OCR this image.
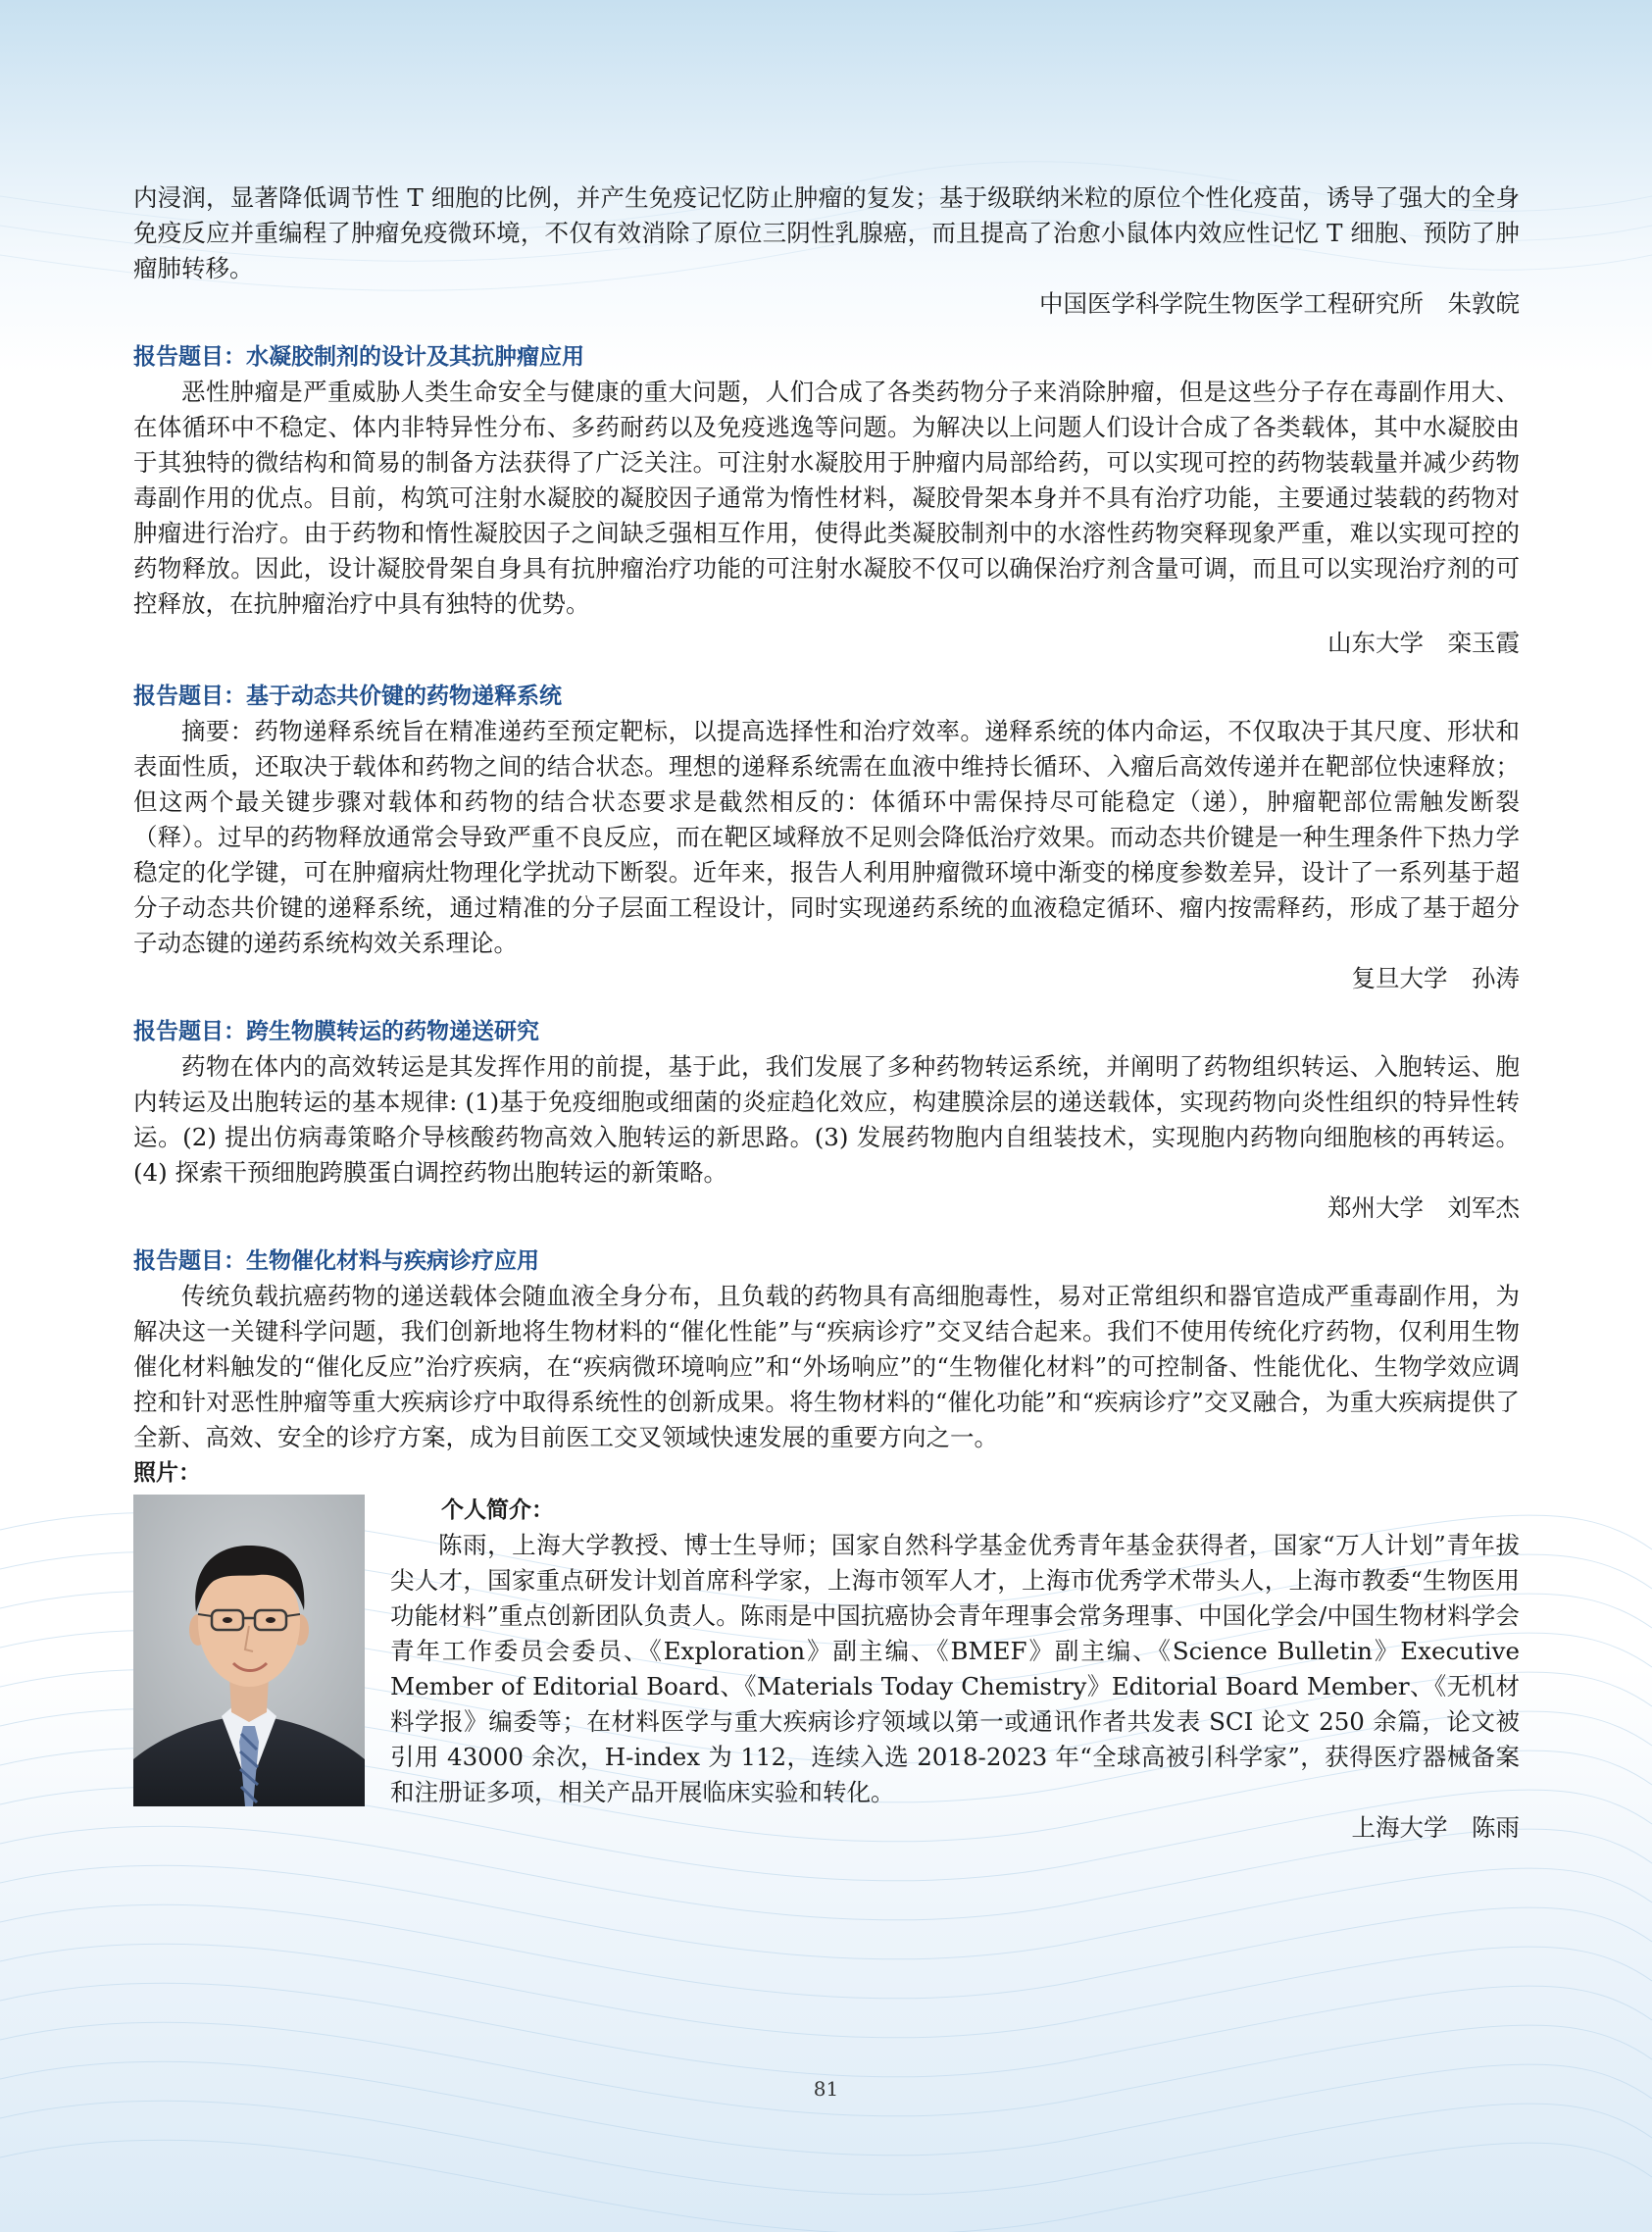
内浸润，显著降低调节性 T 细胞的比例，并产生免疫记忆防止肿瘤的复发；基于级联纳米粒的原位个性化疫苗，诱导了强大的全身免疫反应并重编程了肿瘤免疫微环境，不仅有效消除了原位三阴性乳腺癌，而且提高了治愈小鼠体内效应性记忆 T 细胞、预防了肿瘤肺转移。

中国医学科学院生物医学工程研究所　朱敦皖
报告题目：水凝胶制剂的设计及其抗肿瘤应用

恶性肿瘤是严重威胁人类生命安全与健康的重大问题，人们合成了各类药物分子来消除肿瘤，但是这些分子存在毒副作用大、在体循环中不稳定、体内非特异性分布、多药耐药以及免疫逃逸等问题。为解决以上问题人们设计合成了各类载体，其中水凝胶由于其独特的微结构和简易的制备方法获得了广泛关注。可注射水凝胶用于肿瘤内局部给药，可以实现可控的药物装载量并减少药物毒副作用的优点。目前，构筑可注射水凝胶的凝胶因子通常为惰性材料，凝胶骨架本身并不具有治疗功能，主要通过装载的药物对肿瘤进行治疗。由于药物和惰性凝胶因子之间缺乏强相互作用，使得此类凝胶制剂中的水溶性药物突释现象严重，难以实现可控的药物释放。因此，设计凝胶骨架自身具有抗肿瘤治疗功能的可注射水凝胶不仅可以确保治疗剂含量可调，而且可以实现治疗剂的可控释放，在抗肿瘤治疗中具有独特的优势。

山东大学　栾玉霞
报告题目：基于动态共价键的药物递释系统

摘要：药物递释系统旨在精准递药至预定靶标，以提高选择性和治疗效率。递释系统的体内命运，不仅取决于其尺度、形状和表面性质，还取决于载体和药物之间的结合状态。理想的递释系统需在血液中维持长循环、入瘤后高效传递并在靶部位快速释放；但这两个最关键步骤对载体和药物的结合状态要求是截然相反的：体循环中需保持尽可能稳定（递），肿瘤靶部位需触发断裂（释）。过早的药物释放通常会导致严重不良反应，而在靶区域释放不足则会降低治疗效果。而动态共价键是一种生理条件下热力学稳定的化学键，可在肿瘤病灶物理化学扰动下断裂。近年来，报告人利用肿瘤微环境中渐变的梯度参数差异，设计了一系列基于超分子动态共价键的递释系统，通过精准的分子层面工程设计，同时实现递药系统的血液稳定循环、瘤内按需释药，形成了基于超分子动态键的递药系统构效关系理论。

复旦大学　孙涛
报告题目：跨生物膜转运的药物递送研究

药物在体内的高效转运是其发挥作用的前提，基于此，我们发展了多种药物转运系统，并阐明了药物组织转运、入胞转运、胞内转运及出胞转运的基本规律: (1)基于免疫细胞或细菌的炎症趋化效应，构建膜涂层的递送载体，实现药物向炎性组织的特异性转运。(2) 提出仿病毒策略介导核酸药物高效入胞转运的新思路。(3) 发展药物胞内自组装技术，实现胞内药物向细胞核的再转运。(4) 探索干预细胞跨膜蛋白调控药物出胞转运的新策略。

郑州大学　刘军杰
报告题目：生物催化材料与疾病诊疗应用

传统负载抗癌药物的递送载体会随血液全身分布，且负载的药物具有高细胞毒性，易对正常组织和器官造成严重毒副作用，为解决这一关键科学问题，我们创新地将生物材料的“催化性能”与“疾病诊疗”交叉结合起来。我们不使用传统化疗药物，仅利用生物催化材料触发的“催化反应”治疗疾病，在“疾病微环境响应”和“外场响应”的“生物催化材料”的可控制备、性能优化、生物学效应调控和针对恶性肿瘤等重大疾病诊疗中取得系统性的创新成果。将生物材料的“催化功能”和“疾病诊疗”交叉融合，为重大疾病提供了全新、高效、安全的诊疗方案，成为目前医工交叉领域快速发展的重要方向之一。

照片：
个人简介：

陈雨，上海大学教授、博士生导师；国家自然科学基金优秀青年基金获得者，国家“万人计划”青年拔尖人才，国家重点研发计划首席科学家，上海市领军人才，上海市优秀学术带头人，上海市教委“生物医用功能材料”重点创新团队负责人。陈雨是中国抗癌协会青年理事会常务理事、中国化学会/中国生物材料学会青年工作委员会委员、《Exploration》副主编、《BMEF》副主编、《Science Bulletin》Executive Member of Editorial Board、《Materials Today Chemistry》Editorial Board Member、《无机材料学报》编委等；在材料医学与重大疾病诊疗领域以第一或通讯作者共发表 SCI 论文 250 余篇，论文被引用 43000 余次，H-index 为 112，连续入选 2018-2023 年“全球高被引科学家”，获得医疗器械备案和注册证多项，相关产品开展临床实验和转化。

上海大学　陈雨
81
